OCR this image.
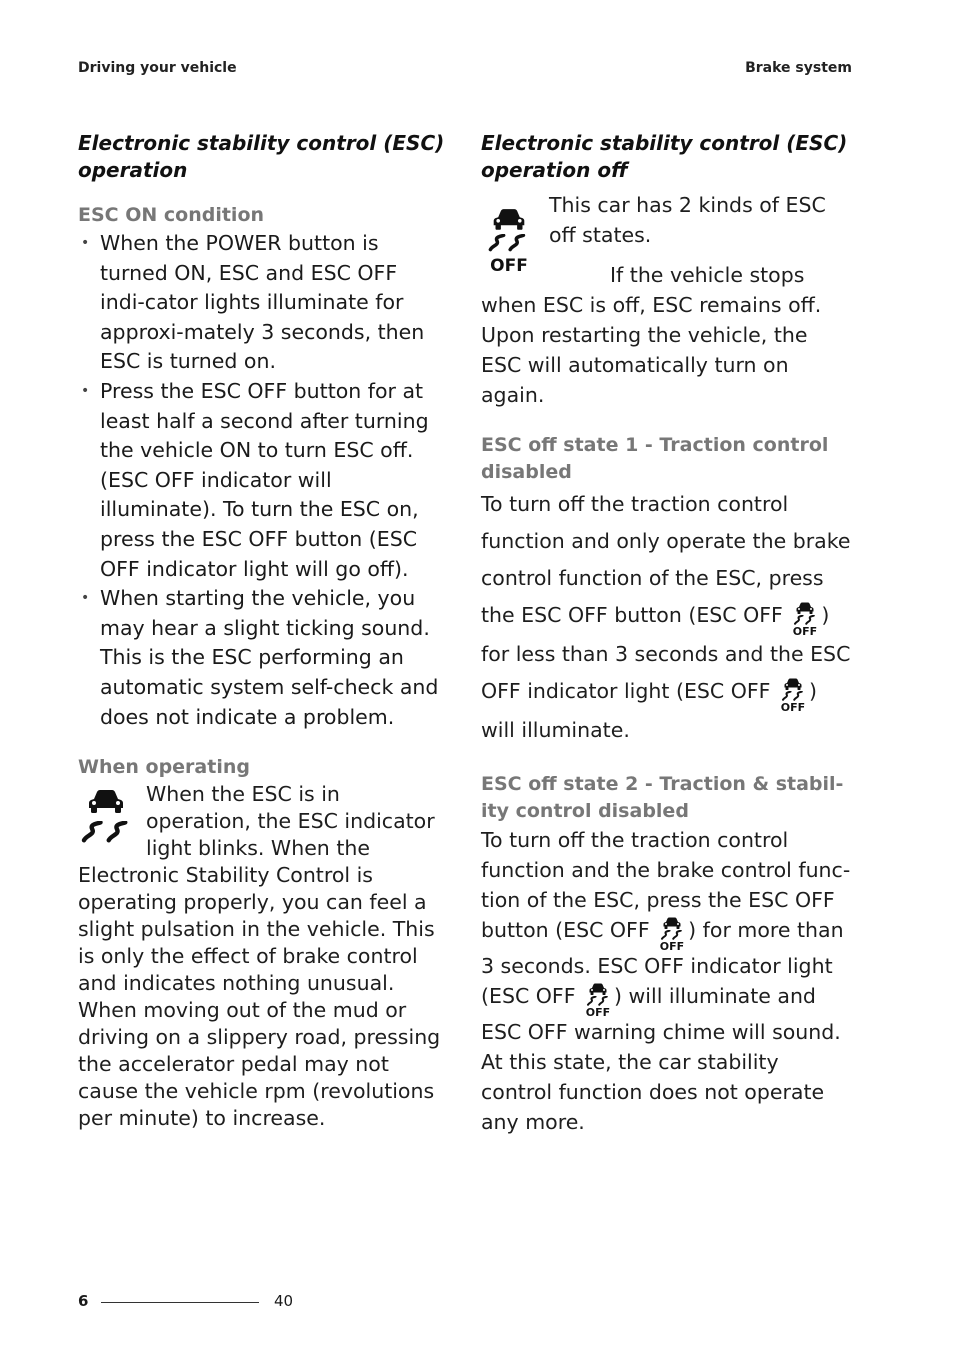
Driving your vehicle	Brake system
Electronic stability control (ESC) operation
ESC ON condition
• When the POWER button is turned ON, ESC and ESC OFF indi-cator lights illuminate for approxi-mately 3 seconds, then ESC is turned on.
• Press the ESC OFF button for at least half a second after turning the vehicle ON to turn ESC off. (ESC OFF indicator will illuminate). To turn the ESC on, press the ESC OFF button (ESC OFF indicator light will go off).
• When starting the vehicle, you may hear a slight ticking sound. This is the ESC performing an automatic system self-check and does not indicate a problem.
When operating

When the ESC is in operation, the ESC indicator light blinks. When the Electronic Stability Control is operating properly, you can feel a slight pulsation in the vehicle. This is only the effect of brake control and indicates nothing unusual.

When moving out of the mud or driving on a slippery road, pressing the accelerator pedal may not cause the vehicle rpm (revolutions per minute) to increase.

Electronic stability control (ESC) operation off
OFF

This car has 2 kinds of ESC off states.

If the vehicle stops when ESC is off, ESC remains off. Upon restarting the vehicle, the ESC will automatically turn on again.

ESC off state 1 - Traction control disabled

To turn off the traction control function and only operate the brake control function of the ESC, press the ESC OFF button (ESC OFF
OFF
) for less than 3 seconds and the ESC OFF indicator light (ESC OFF
OFF
) will illuminate.

ESC off state 2 - Traction & stabil-ity control disabled

To turn off the traction control function and the brake control func-tion of the ESC, press the ESC OFF button (ESC OFF
OFF
) for more than 3 seconds. ESC OFF indicator light (ESC OFF
OFF
) will illuminate and ESC OFF warning chime will sound. At this state, the car stability control function does not operate any more.

6	40
